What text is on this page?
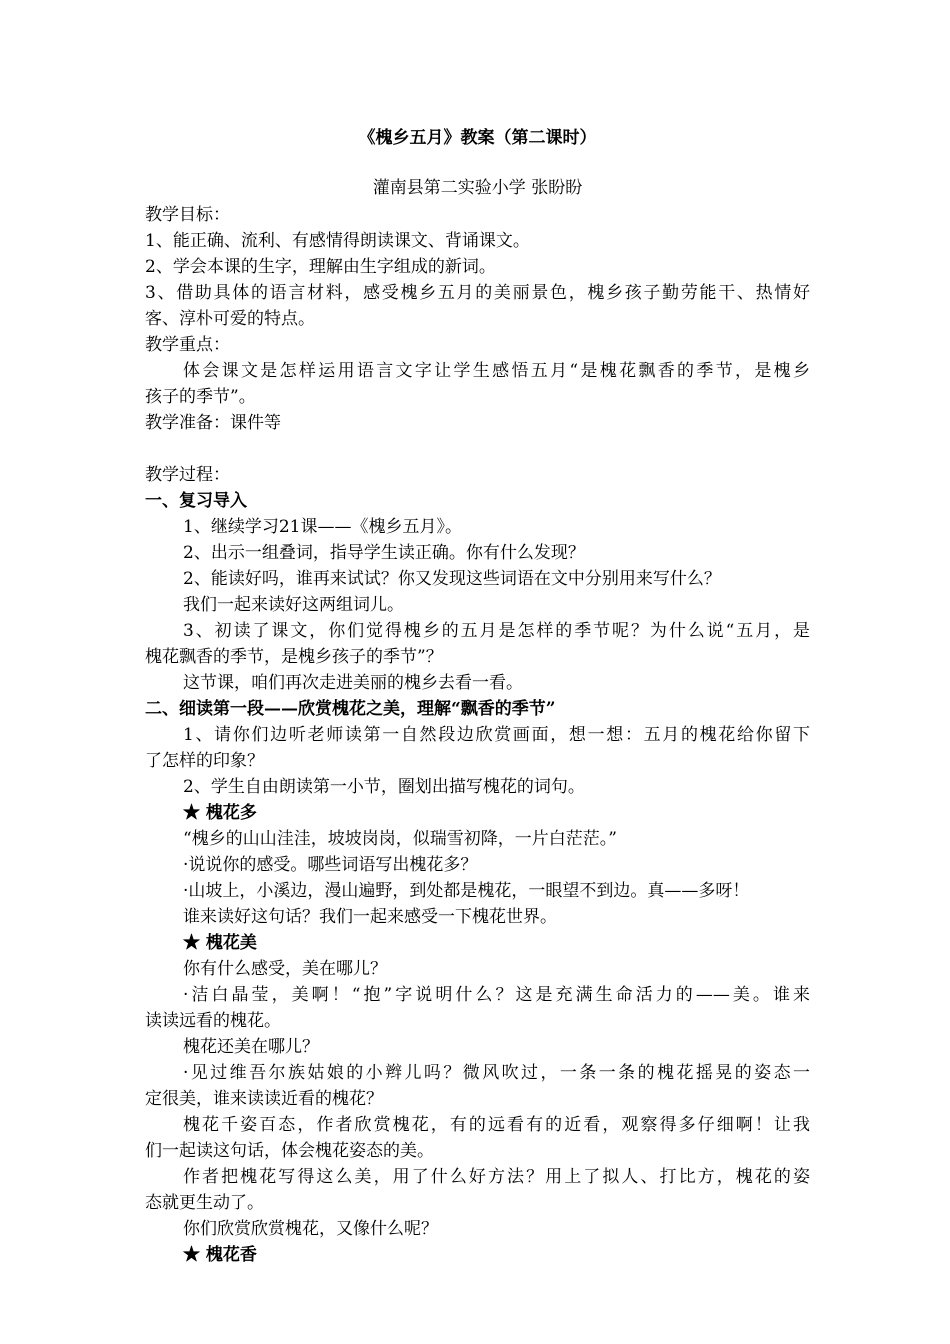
《槐乡五月》教案（第二课时）
灌南县第二实验小学 张盼盼
教学目标：
1、能正确、流利、有感情得朗读课文、背诵课文。
2、学会本课的生字，理解由生字组成的新词。
3、借助具体的语言材料，感受槐乡五月的美丽景色，槐乡孩子勤劳能干、热情好
客、淳朴可爱的特点。
教学重点：
体会课文是怎样运用语言文字让学生感悟五月“是槐花飘香的季节，是槐乡
孩子的季节”。
教学准备：课件等
教学过程：
一、复习导入
1、继续学习21课——《槐乡五月》。
2、出示一组叠词，指导学生读正确。你有什么发现？
2、能读好吗，谁再来试试？你又发现这些词语在文中分别用来写什么？
我们一起来读好这两组词儿。
3、初读了课文，你们觉得槐乡的五月是怎样的季节呢？为什么说“五月，是
槐花飘香的季节，是槐乡孩子的季节”？
这节课，咱们再次走进美丽的槐乡去看一看。
二、细读第一段——欣赏槐花之美，理解“飘香的季节”
1、请你们边听老师读第一自然段边欣赏画面，想一想：五月的槐花给你留下
了怎样的印象？
2、学生自由朗读第一小节，圈划出描写槐花的词句。
★ 槐花多
“槐乡的山山洼洼，坡坡岗岗，似瑞雪初降，一片白茫茫。”
·说说你的感受。哪些词语写出槐花多？
·山坡上，小溪边，漫山遍野，到处都是槐花，一眼望不到边。真——多呀！
谁来读好这句话？我们一起来感受一下槐花世界。
★ 槐花美
你有什么感受，美在哪儿？
·洁白晶莹，美啊！“抱”字说明什么？这是充满生命活力的——美。谁来
读读远看的槐花。
槐花还美在哪儿？
·见过维吾尔族姑娘的小辫儿吗？微风吹过，一条一条的槐花摇晃的姿态一
定很美，谁来读读近看的槐花？
槐花千姿百态，作者欣赏槐花，有的远看有的近看，观察得多仔细啊！让我
们一起读这句话，体会槐花姿态的美。
作者把槐花写得这么美，用了什么好方法？用上了拟人、打比方，槐花的姿
态就更生动了。
你们欣赏欣赏槐花，又像什么呢？
★ 槐花香
